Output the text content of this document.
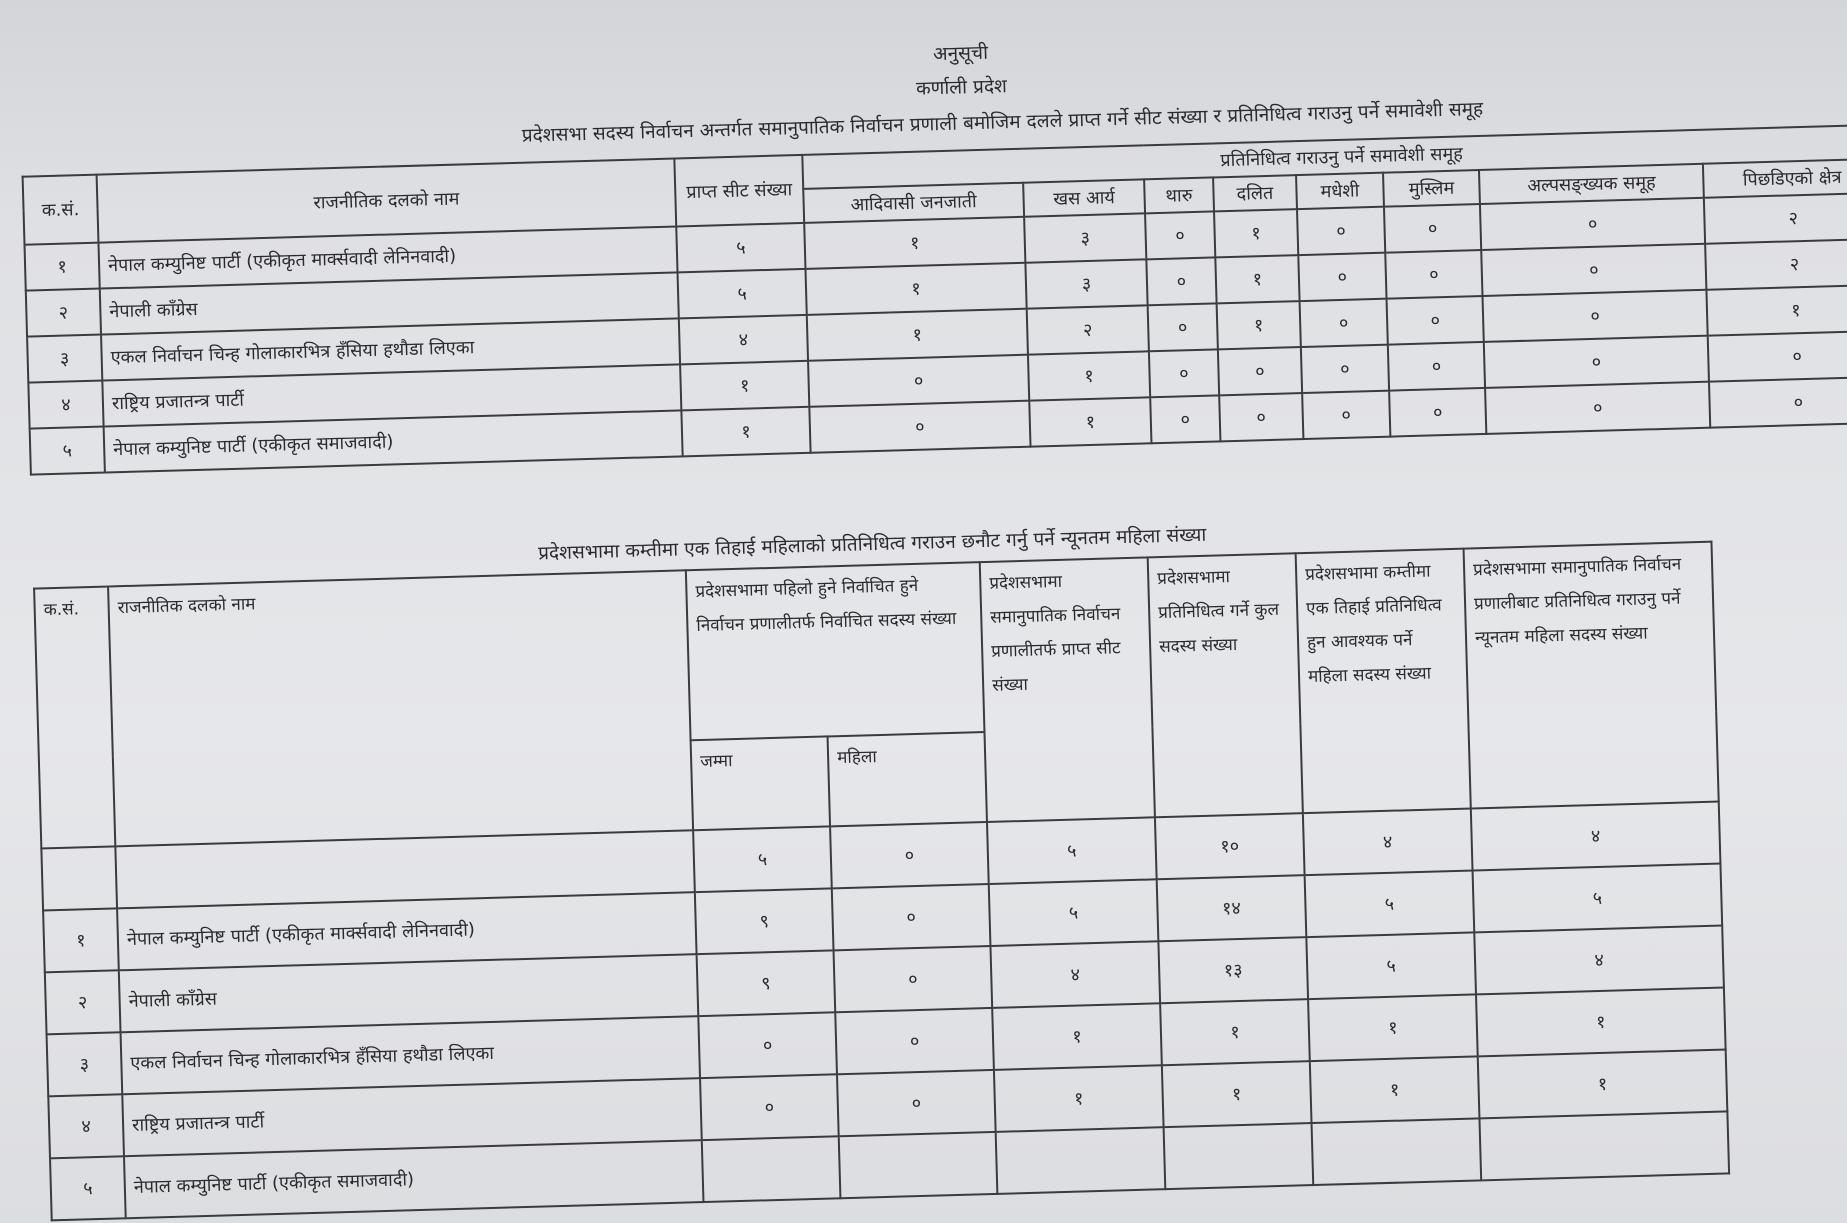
अनुसूची
कर्णाली प्रदेश
प्रदेशसभा सदस्य निर्वाचन अन्तर्गत समानुपातिक निर्वाचन प्रणाली बमोजिम दलले प्राप्त गर्ने सीट संख्या र प्रतिनिधित्व गराउनु पर्ने समावेशी समूह
क.सं.	राजनीतिक दलको नाम	प्राप्त सीट संख्या	प्रतिनिधित्व गराउनु पर्ने समावेशी समूह							
			आदिवासी जनजाती	खस आर्य	थारु	दलित	मधेशी	मुस्लिम	अल्पसङ्ख्यक समूह	पिछडिएको क्षेत्र
१	नेपाल कम्युनिष्ट पार्टी (एकीकृत मार्क्सवादी लेनिनवादी)	५	१	३	०	१	०	०	०	२
२	नेपाली काँग्रेस	५	१	३	०	१	०	०	०	२
३	एकल निर्वाचन चिन्ह गोलाकारभित्र हँसिया हथौडा लिएका	४	१	२	०	१	०	०	०	१
४	राष्ट्रिय प्रजातन्त्र पार्टी	१	०	१	०	०	०	०	०	०
५	नेपाल कम्युनिष्ट पार्टी (एकीकृत समाजवादी)	१	०	१	०	०	०	०	०	०
प्रदेशसभामा कम्तीमा एक तिहाई महिलाको प्रतिनिधित्व गराउन छनौट गर्नु पर्ने न्यूनतम महिला संख्या
क.सं.	राजनीतिक दलको नाम	प्रदेशसभामा पहिलो हुने निर्वाचित हुने निर्वाचन प्रणालीतर्फ निर्वाचित सदस्य संख्या		प्रदेशसभामा समानुपातिक निर्वाचन प्रणालीतर्फ प्राप्त सीट संख्या	प्रदेशसभामा प्रतिनिधित्व गर्ने कुल सदस्य संख्या	प्रदेशसभामा कम्तीमा एक तिहाई प्रतिनिधित्व हुन आवश्यक पर्ने महिला सदस्य संख्या	प्रदेशसभामा समानुपातिक निर्वाचन प्रणालीबाट प्रतिनिधित्व गराउनु पर्ने न्यूनतम महिला सदस्य संख्या
		जम्मा	महिला				
		५	०	५	१०	४	४
१	नेपाल कम्युनिष्ट पार्टी (एकीकृत मार्क्सवादी लेनिनवादी)	९	०	५	१४	५	५
२	नेपाली काँग्रेस	९	०	४	१३	५	४
३	एकल निर्वाचन चिन्ह गोलाकारभित्र हँसिया हथौडा लिएका	०	०	१	१	१	१
४	राष्ट्रिय प्रजातन्त्र पार्टी	०	०	१	१	१	१
५	नेपाल कम्युनिष्ट पार्टी (एकीकृत समाजवादी)						
